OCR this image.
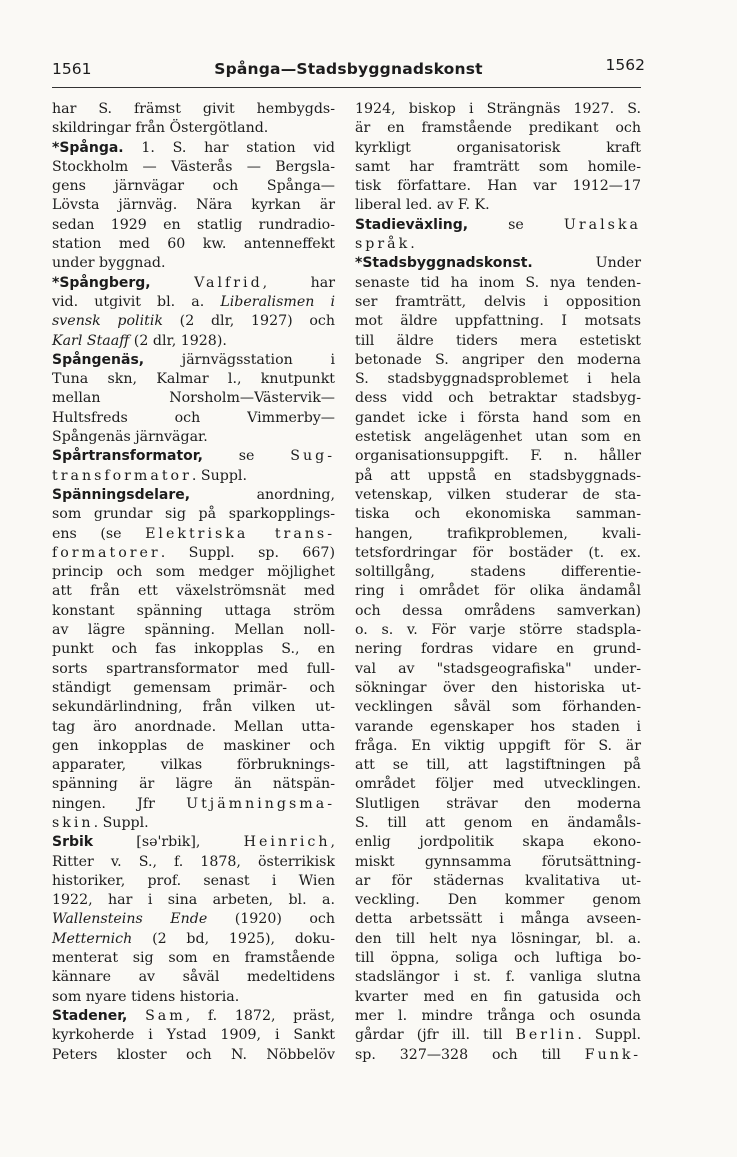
1561	Spånga—Stadsbyggnadskonst	1562
har S. främst givit hembygds-
skildringar från Östergötland.
*Spånga. 1. S. har station vid
Stockholm — Västerås — Bergsla-
gens järnvägar och Spånga—
Lövsta järnväg. Nära kyrkan är
sedan 1929 en statlig rundradio-
station med 60 kw. antenneffekt
under byggnad.
*Spångberg,	Valfrid, har
vid. utgivit bl. a. Liberalismen i
svensk politik (2 dlr, 1927) och
Karl Staaff (2 dlr, 1928).
Spångenäs, järnvägsstation i
Tuna skn, Kalmar l., knutpunkt
mellan Norsholm—Västervik—
Hultsfreds och Vimmerby—
Spångenäs järnvägar.
Spårtransformator, se Sug-
transformator. Suppl.
Spänningsdelare, anordning,
som grundar sig på sparkopplings-
ens (se Elektriska trans-
formatorer. Suppl. sp. 667)
princip och som medger möjlighet
att från ett växelströmsnät med
konstant spänning uttaga ström
av lägre spänning. Mellan noll-
punkt och fas inkopplas S., en
sorts spartransformator med full-
ständigt gemensam primär- och
sekundärlindning, från vilken ut-
tag äro anordnade. Mellan utta-
gen inkopplas de maskiner och
apparater, vilkas förbruknings-
spänning är lägre än nätspän-
ningen. Jfr Utjämningsma-
skin. Suppl.
Srbik [sə'rbik], Heinrich,
Ritter v. S., f. 1878, österrikisk
historiker, prof. senast i Wien
1922, har i sina arbeten, bl. a.
Wallensteins Ende (1920) och
Metternich (2 bd, 1925), doku-
menterat sig som en framstående
kännare av såväl medeltidens
som nyare tidens historia.
Stadener, Sam, f. 1872, präst,
kyrkoherde i Ystad 1909, i Sankt
Peters kloster och N. Nöbbelöv
1924, biskop i Strängnäs 1927. S.
är en framstående predikant och
kyrkligt organisatorisk kraft
samt har framträtt som homile-
tisk författare. Han var 1912—17
liberal led. av F. K.
Stadieväxling, se Uralska
språk.
*Stadsbyggnadskonst. Under
senaste tid ha inom S. nya tenden-
ser framträtt, delvis i opposition
mot äldre uppfattning. I motsats
till äldre tiders mera estetiskt
betonade S. angriper den moderna
S. stadsbyggnadsproblemet i hela
dess vidd och betraktar stadsbyg-
gandet icke i första hand som en
estetisk angelägenhet utan som en
organisationsuppgift. F. n. håller
på att uppstå en stadsbyggnads-
vetenskap, vilken studerar de sta-
tiska och ekonomiska samman-
hangen, trafikproblemen, kvali-
tetsfordringar för bostäder (t. ex.
soltillgång, stadens differentie-
ring i området för olika ändamål
och dessa områdens samverkan)
o. s. v. För varje större stadspla-
nering fordras vidare en grund-
val av "stadsgeografiska" under-
sökningar över den historiska ut-
vecklingen såväl som förhanden-
varande egenskaper hos staden i
fråga. En viktig uppgift för S. är
att se till, att lagstiftningen på
området följer med utvecklingen.
Slutligen strävar den moderna
S. till att genom en ändamåls-
enlig jordpolitik skapa ekono-
miskt gynnsamma förutsättning-
ar för städernas kvalitativa ut-
veckling. Den kommer genom
detta arbetssätt i många avseen-
den till helt nya lösningar, bl. a.
till öppna, soliga och luftiga bo-
stadslängor i st. f. vanliga slutna
kvarter med en fin gatusida och
mer l. mindre trånga och osunda
gårdar (jfr ill. till Berlin. Suppl.
sp. 327—328 och till Funk-
